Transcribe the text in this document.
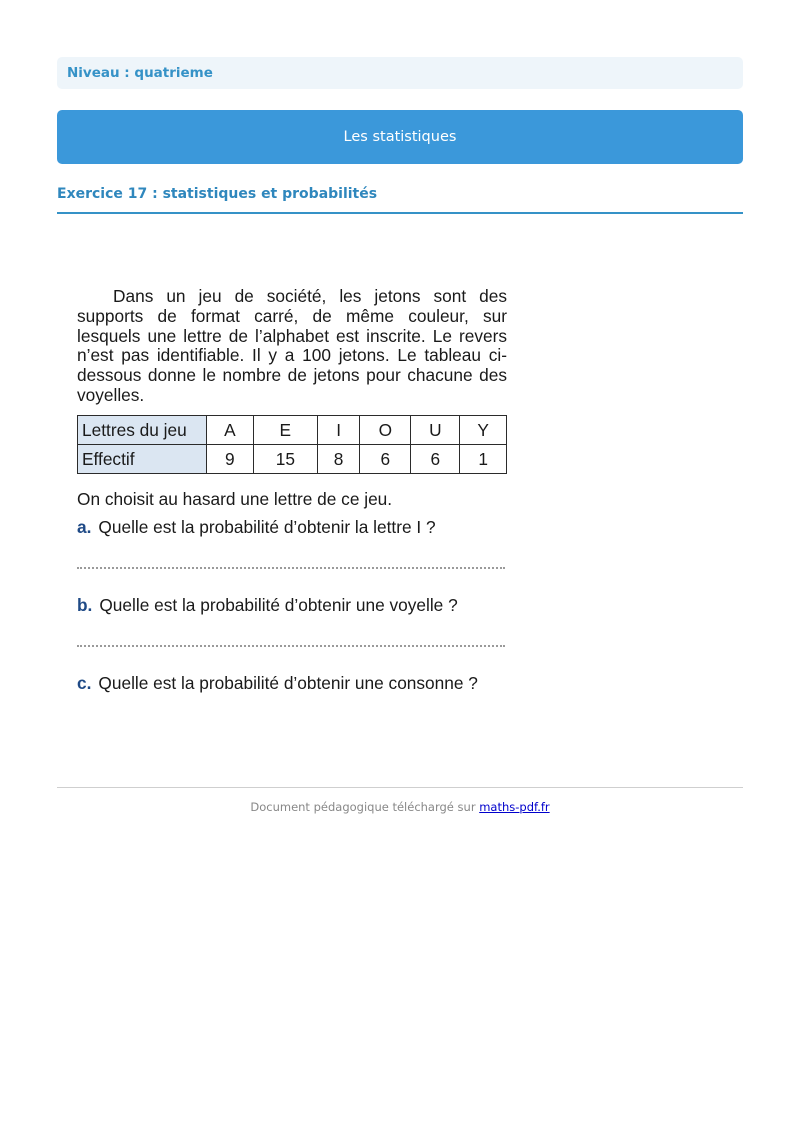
Niveau : quatrieme
Les statistiques
Exercice 17 : statistiques et probabilités

Dans un jeu de société, les jetons sont des supports de format carré, de même couleur, sur lesquels une lettre de l’alphabet est inscrite. Le revers n’est pas identifiable. Il y a 100 jetons. Le tableau ci-dessous donne le nombre de jetons pour chacune des voyelles.

Lettres du jeu	A	E	I	O	U	Y
Effectif	9	15	8	6	6	1
On choisit au hasard une lettre de ce jeu.
a. Quelle est la probabilité d’obtenir la lettre I ?
b. Quelle est la probabilité d’obtenir une voyelle ?
c. Quelle est la probabilité d’obtenir une consonne ?
Document pédagogique téléchargé sur maths-pdf.fr
